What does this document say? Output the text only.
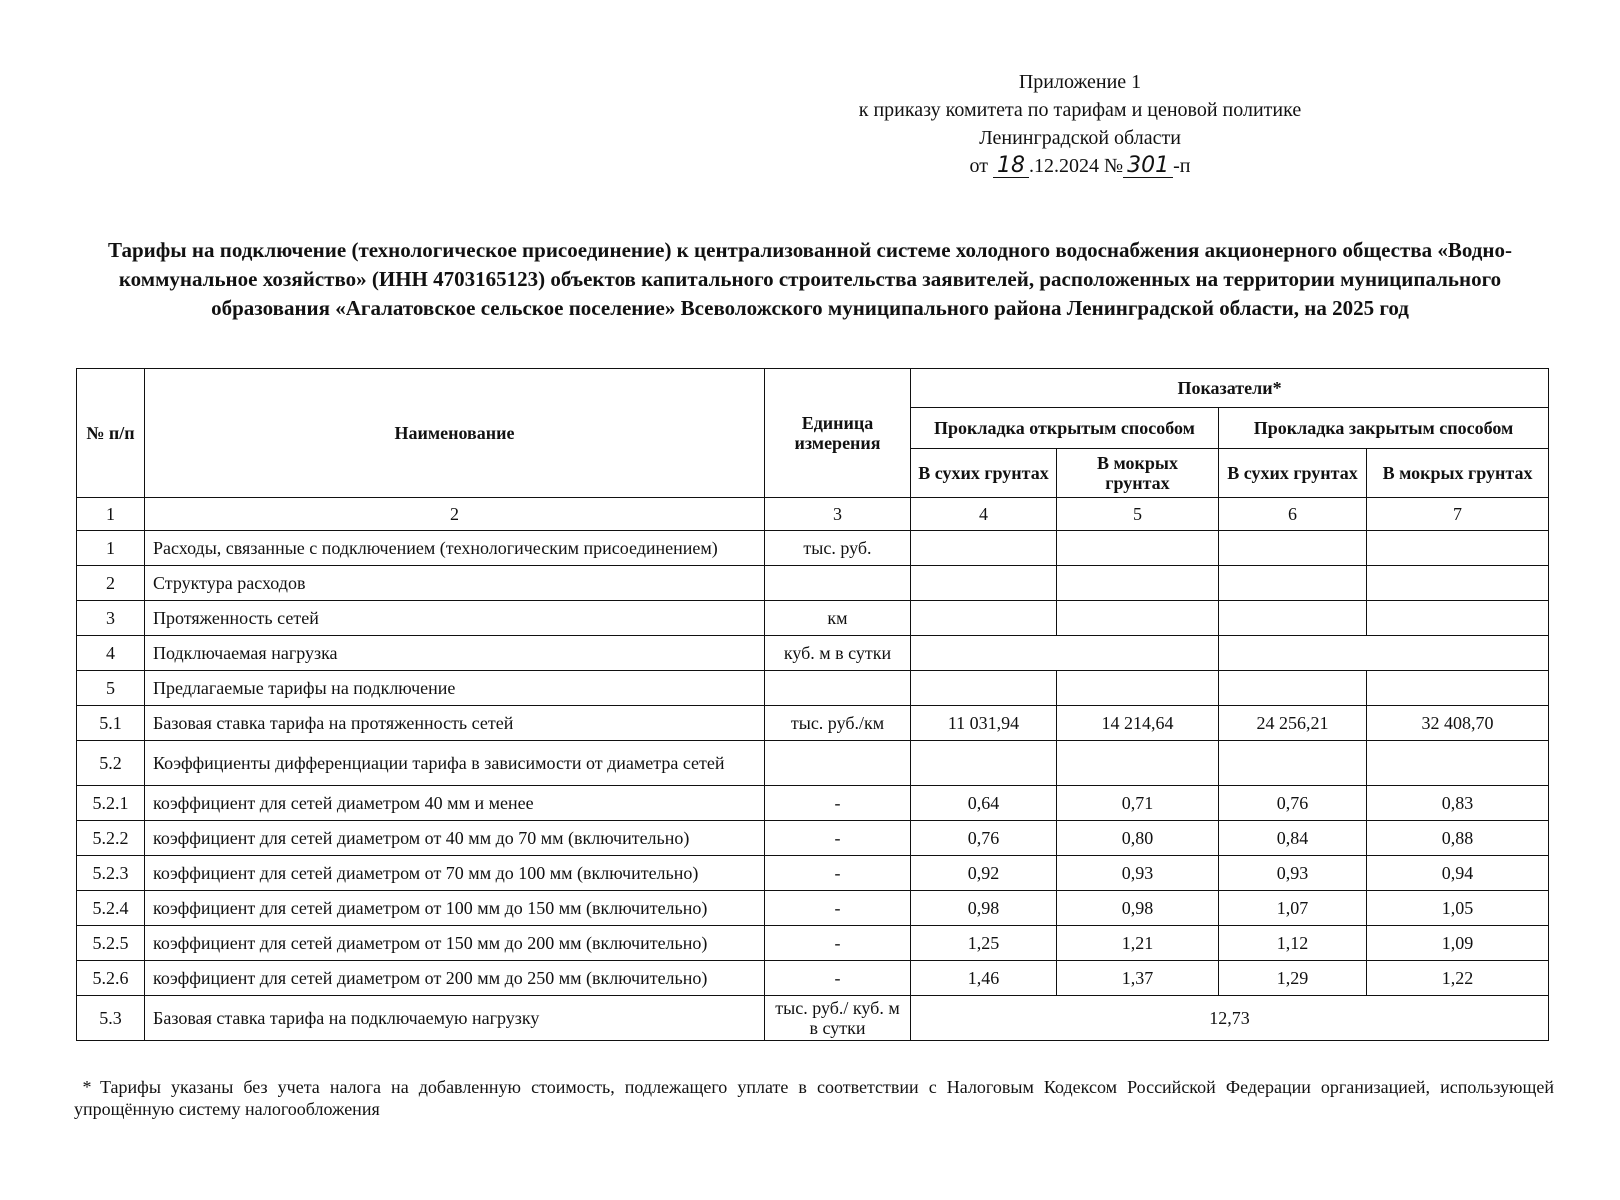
Приложение 1
к приказу комитета по тарифам и ценовой политике
Ленинградской области
от 18 .12.2024 № 301 -п
Тарифы на подключение (технологическое присоединение) к централизованной системе холодного водоснабжения акционерного общества «Водно-коммунальное хозяйство» (ИНН 4703165123) объектов капитального строительства заявителей, расположенных на территории муниципального образования «Агалатовское сельское поселение» Всеволожского муниципального района Ленинградской области, на 2025 год
№ п/п	Наименование	Единица измерения	Показатели*			
			Прокладка открытым способом		Прокладка закрытым способом	
			В сухих грунтах	В мокрых грунтах	В сухих грунтах	В мокрых грунтах
1	2	3	4	5	6	7
1	Расходы, связанные с подключением (технологическим присоединением)	тыс. руб.				
2	Структура расходов					
3	Протяженность сетей	км				
4	Подключаемая нагрузка	куб. м в сутки				
5	Предлагаемые тарифы на подключение					
5.1	Базовая ставка тарифа на протяженность сетей	тыс. руб./км	11 031,94	14 214,64	24 256,21	32 408,70
5.2	Коэффициенты дифференциации тарифа в зависимости от диаметра сетей					
5.2.1	коэффициент для сетей диаметром 40 мм и менее	-	0,64	0,71	0,76	0,83
5.2.2	коэффициент для сетей диаметром от 40 мм до 70 мм (включительно)	-	0,76	0,80	0,84	0,88
5.2.3	коэффициент для сетей диаметром от 70 мм до 100 мм (включительно)	-	0,92	0,93	0,93	0,94
5.2.4	коэффициент для сетей диаметром от 100 мм до 150 мм (включительно)	-	0,98	0,98	1,07	1,05
5.2.5	коэффициент для сетей диаметром от 150 мм до 200 мм (включительно)	-	1,25	1,21	1,12	1,09
5.2.6	коэффициент для сетей диаметром от 200 мм до 250 мм (включительно)	-	1,46	1,37	1,29	1,22
5.3	Базовая ставка тарифа на подключаемую нагрузку	тыс. руб./ куб. м в сутки	12,73			
* Тарифы указаны без учета налога на добавленную стоимость, подлежащего уплате в соответствии с Налоговым Кодексом Российской Федерации организацией, использующей упрощённую систему налогообложения
